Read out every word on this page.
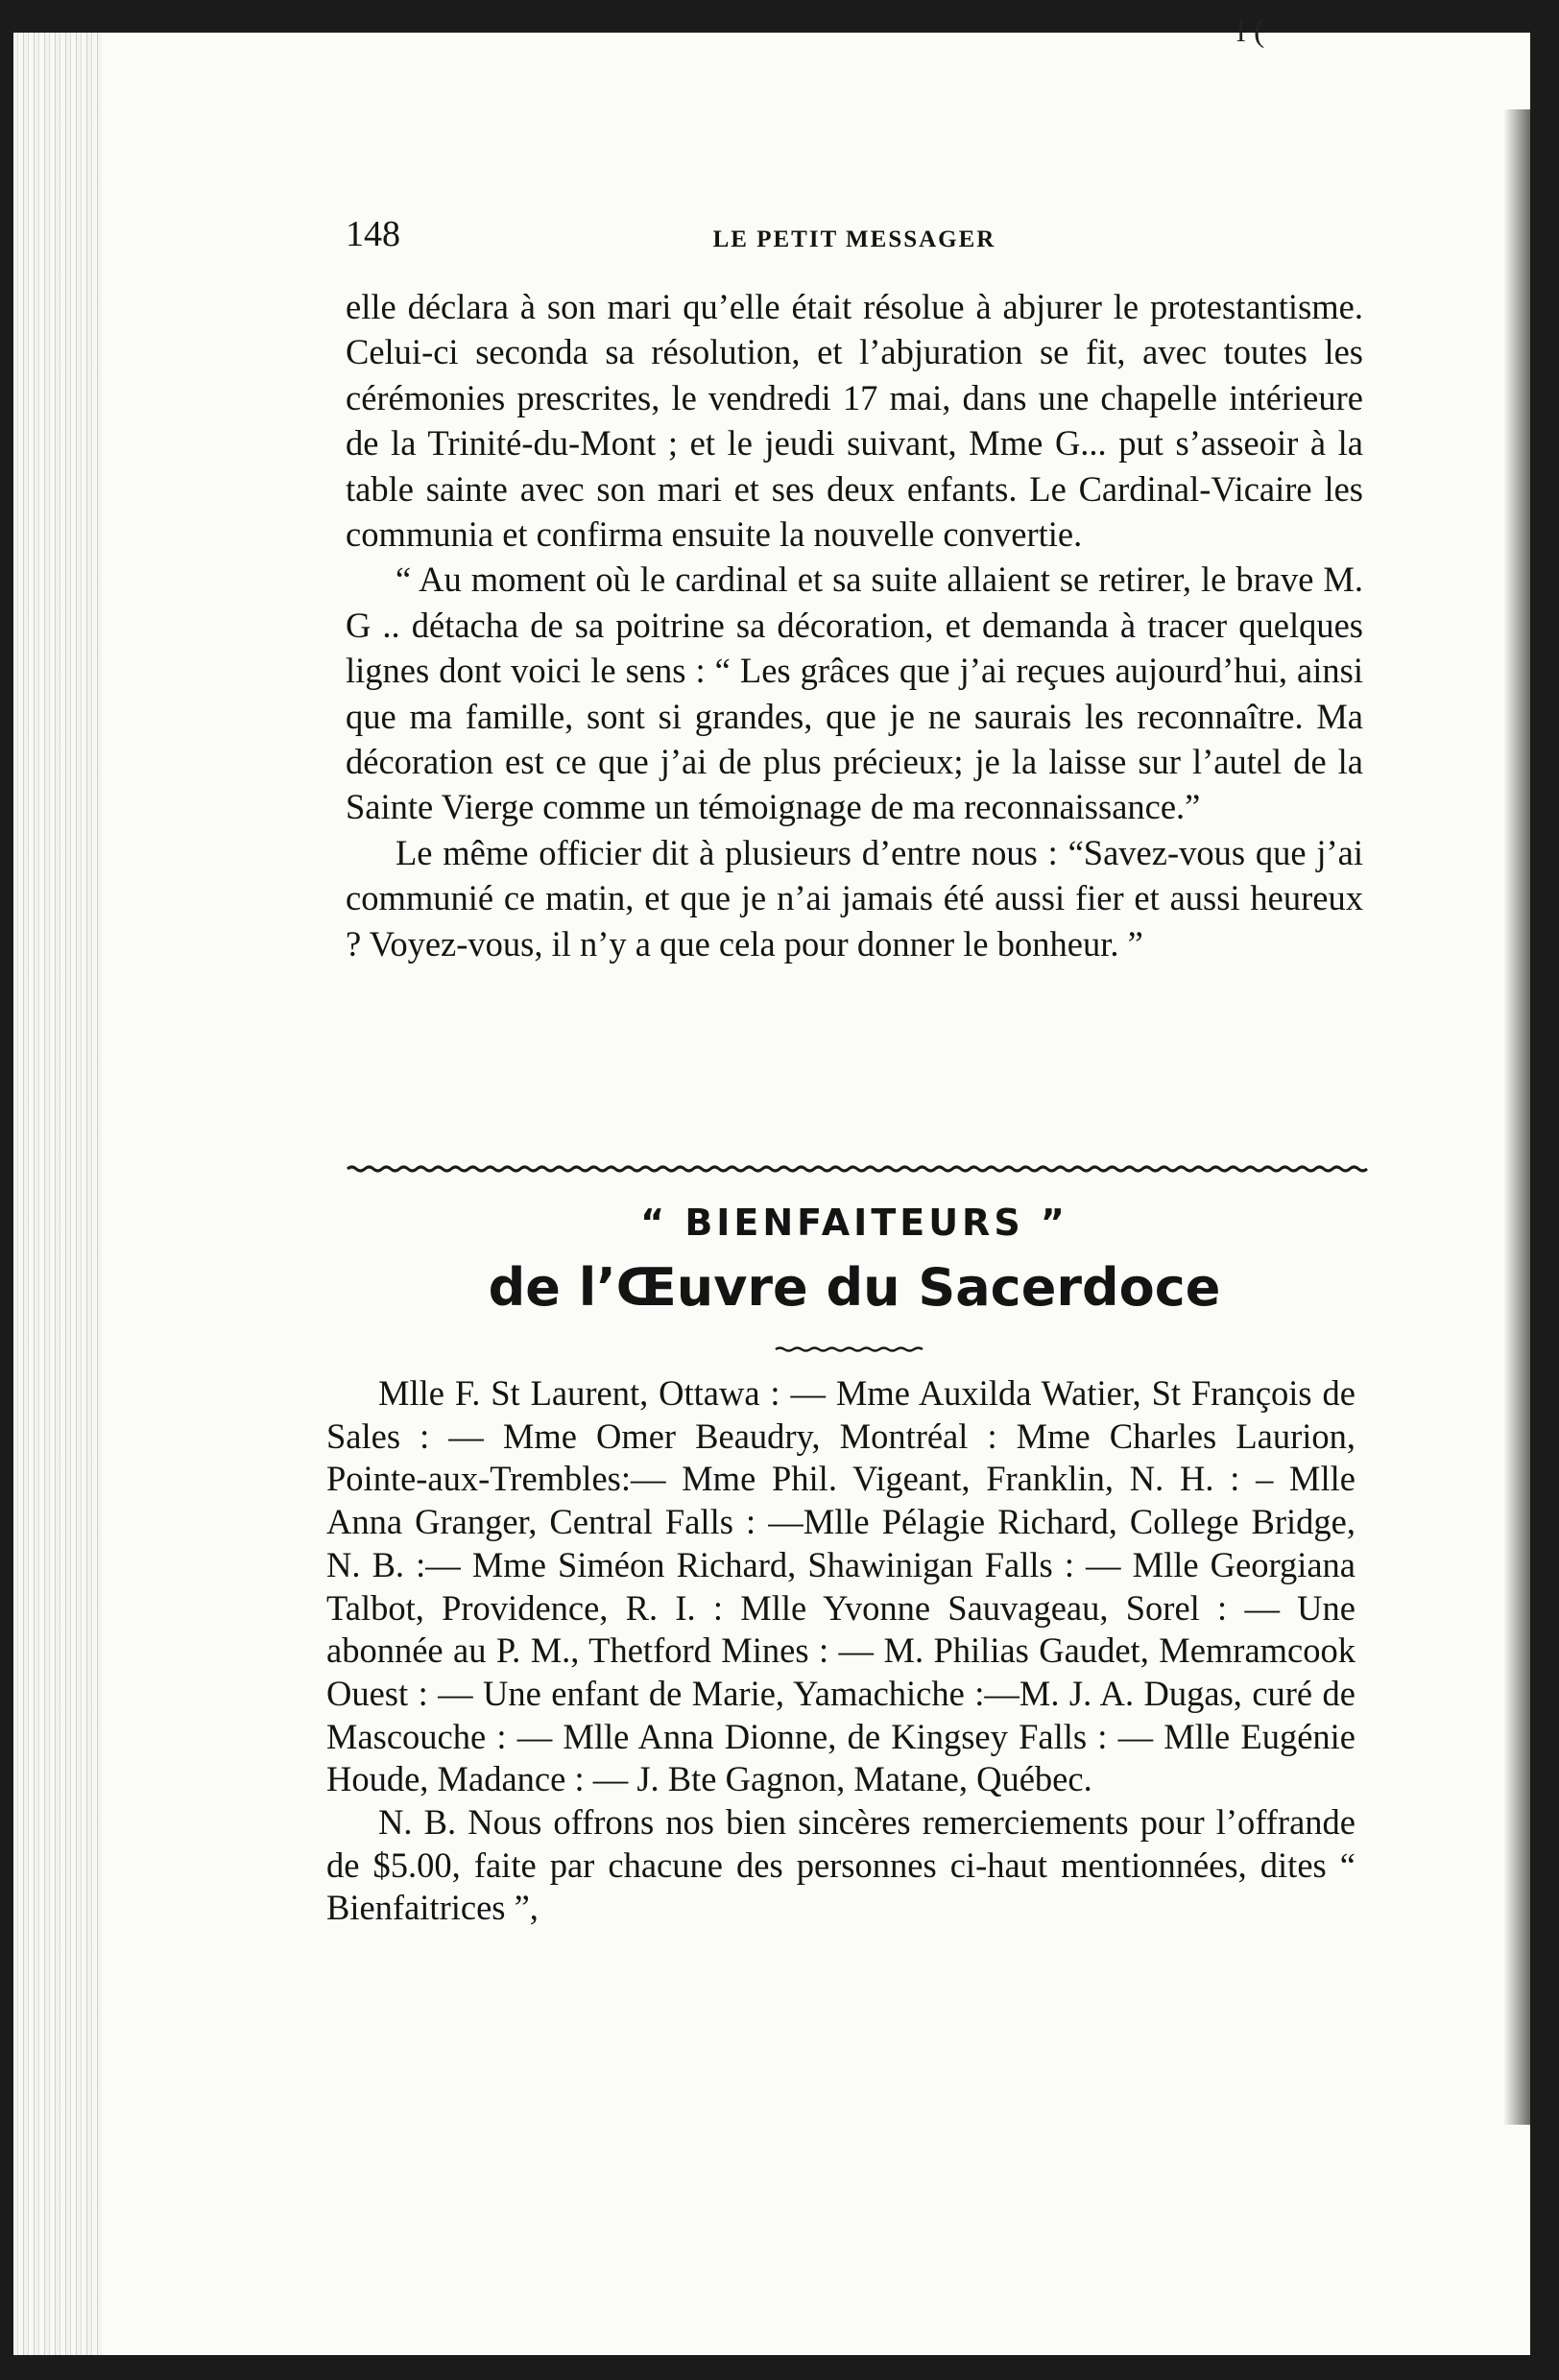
l (
148	LE PETIT MESSAGER

elle déclara à son mari qu’elle était résolue à abjurer le protestantisme. Celui-ci seconda sa résolution, et l’abjuration se fit, avec toutes les cérémonies prescrites, le vendredi 17 mai, dans une chapelle intérieure de la Trinité-du-Mont ; et le jeudi suivant, Mme G... put s’asseoir à la table sainte avec son mari et ses deux enfants. Le Cardinal-Vicaire les communia et confirma ensuite la nouvelle convertie.

“ Au moment où le cardinal et sa suite allaient se retirer, le brave M. G .. détacha de sa poitrine sa décoration, et demanda à tracer quelques lignes dont voici le sens : “ Les grâces que j’ai reçues aujourd’hui, ainsi que ma famille, sont si grandes, que je ne saurais les reconnaître. Ma décoration est ce que j’ai de plus précieux; je la laisse sur l’autel de la Sainte Vierge comme un témoignage de ma reconnaissance.”

Le même officier dit à plusieurs d’entre nous : “Savez-vous que j’ai communié ce matin, et que je n’ai jamais été aussi fier et aussi heureux ? Voyez-vous, il n’y a que cela pour donner le bonheur. ”

“ BIENFAITEURS ”
de l’Œuvre du Sacerdoce

Mlle F. St Laurent, Ottawa : — Mme Auxilda Watier, St François de Sales : — Mme Omer Beaudry, Montréal : Mme Charles Laurion, Pointe-aux-Trembles:— Mme Phil. Vigeant, Franklin, N. H. : – Mlle Anna Granger, Central Falls : —Mlle Pélagie Richard, College Bridge, N. B. :— Mme Siméon Richard, Shawinigan Falls : — Mlle Georgiana Talbot, Providence, R. I. : Mlle Yvonne Sauvageau, Sorel : — Une abonnée au P. M., Thetford Mines : — M. Philias Gaudet, Memramcook Ouest : — Une enfant de Marie, Yamachiche :—M. J. A. Dugas, curé de Mascouche : — Mlle Anna Dionne, de Kingsey Falls : — Mlle Eugénie Houde, Madance : — J. Bte Gagnon, Matane, Québec.

N. B. Nous offrons nos bien sincères remerciements pour l’offrande de $5.00, faite par chacune des personnes ci-haut mentionnées, dites “ Bienfaitrices ”,
